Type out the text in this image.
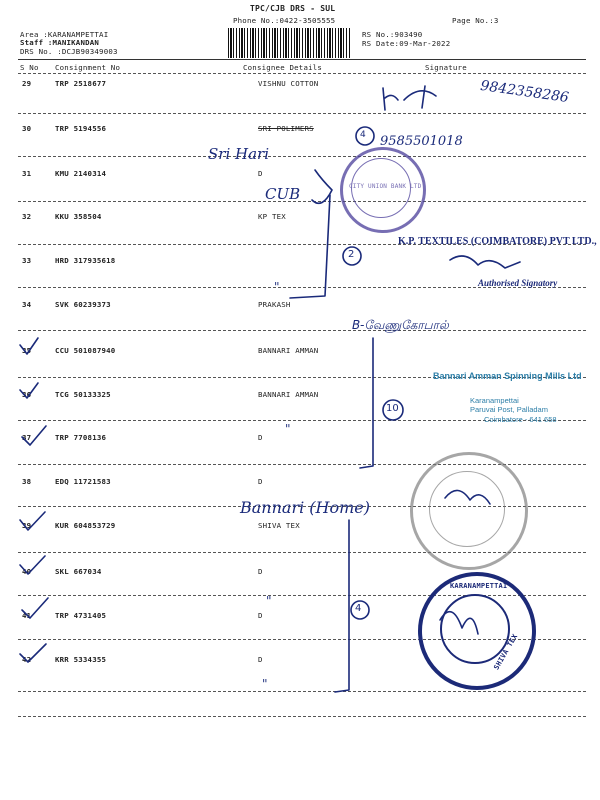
TPC/CJB DRS - SUL
Phone No.:0422-3505555	Page No.:3
Area :KARANAMPETTAI
Staff :MANIKANDAN
DRS No. :DCJB90349003
RS No.:903490
RS Date:09-Mar-2022
S No Consignment No	Consignee Details	Signature
29	TRP 2518677	VISHNU COTTON
30	TRP 5194556	SRI POLIMERS
31	KMU 2140314	D
32	KKU 358504	KP TEX
33	HRD 317935618
34	SVK 60239373	PRAKASH
35	CCU 501087940	BANNARI AMMAN
36	TCG 50133325	BANNARI AMMAN
37	TRP 7708136	D
38	EDQ 11721583	D
39	KUR 604853729	SHIVA TEX
40	SKL 667034	D
41	TRP 4731405	D
42	KRR 5334355	D
CITY UNION BANK LTD
K.P. TEXTILES (COIMBATORE) PVT LTD.,
Authorised Signatory
Bannari Amman Spinning Mills Ltd
Karanampettai
Paruvai Post, Palladam
Coimbatore - 641 658
KARANAMPETTAI
SHIVA TEX
9842358286
9585501018
4
Sri Hari
CUB
2
"
B-வேணுகோபால்
10
"
Bannari (Home)
4
"
"
